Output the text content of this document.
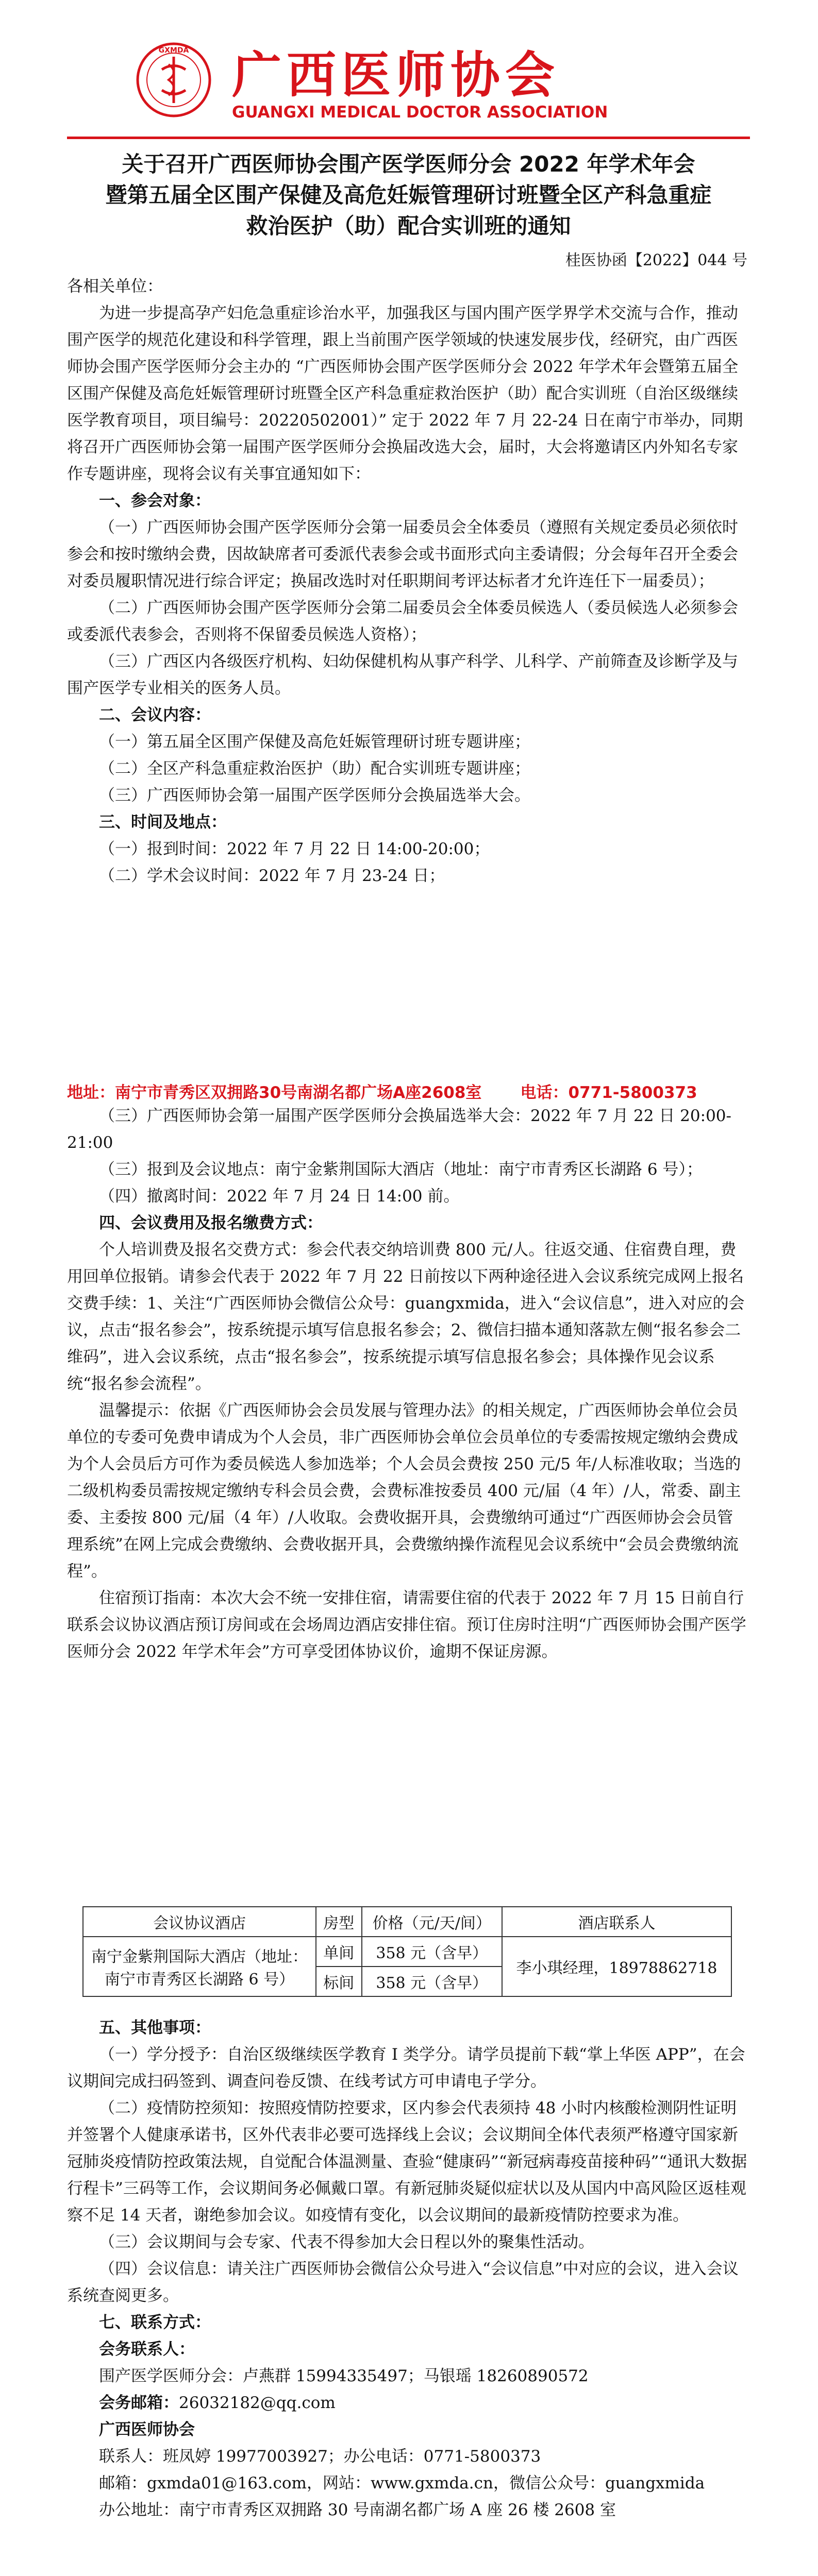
GXMDA 广西医师协会
GUANGXI MEDICAL DOCTOR ASSOCIATION
关于召开广西医师协会围产医学医师分会 2022 年学术年会
暨第五届全区围产保健及高危妊娠管理研讨班暨全区产科急重症
救治医护（助）配合实训班的通知
桂医协函【2022】044 号

各相关单位：

为进一步提高孕产妇危急重症诊治水平，加强我区与国内围产医学界学术交流与合作，推动围产医学的规范化建设和科学管理，跟上当前围产医学领域的快速发展步伐，经研究，由广西医师协会围产医学医师分会主办的 “广西医师协会围产医学医师分会 2022 年学术年会暨第五届全区围产保健及高危妊娠管理研讨班暨全区产科急重症救治医护（助）配合实训班（自治区级继续医学教育项目，项目编号：20220502001）” 定于 2022 年 7 月 22-24 日在南宁市举办，同期将召开广西医师协会第一届围产医学医师分会换届改选大会，届时，大会将邀请区内外知名专家作专题讲座，现将会议有关事宜通知如下：

一、参会对象：

（一）广西医师协会围产医学医师分会第一届委员会全体委员（遵照有关规定委员必须依时参会和按时缴纳会费，因故缺席者可委派代表参会或书面形式向主委请假；分会每年召开全委会对委员履职情况进行综合评定；换届改选时对任职期间考评达标者才允许连任下一届委员）；

（二）广西医师协会围产医学医师分会第二届委员会全体委员候选人（委员候选人必须参会或委派代表参会，否则将不保留委员候选人资格）；

（三）广西区内各级医疗机构、妇幼保健机构从事产科学、儿科学、产前筛查及诊断学及与围产医学专业相关的医务人员。

二、会议内容：

（一）第五届全区围产保健及高危妊娠管理研讨班专题讲座；

（二）全区产科急重症救治医护（助）配合实训班专题讲座；

（三）广西医师协会第一届围产医学医师分会换届选举大会。

三、时间及地点：

（一）报到时间：2022 年 7 月 22 日 14:00-20:00；

（二）学术会议时间：2022 年 7 月 23-24 日；

地址：南宁市青秀区双拥路30号南湖名都广场A座2608室 电话：0771-5800373

（三）广西医师协会第一届围产医学医师分会换届选举大会：2022 年 7 月 22 日 20:00-21:00

（三）报到及会议地点：南宁金紫荆国际大酒店（地址：南宁市青秀区长湖路 6 号）；

（四）撤离时间：2022 年 7 月 24 日 14:00 前。

四、会议费用及报名缴费方式：

个人培训费及报名交费方式：参会代表交纳培训费 800 元/人。往返交通、住宿费自理，费用回单位报销。请参会代表于 2022 年 7 月 22 日前按以下两种途径进入会议系统完成网上报名交费手续：1、关注“广西医师协会微信公众号：guangxmida，进入“会议信息”，进入对应的会议，点击“报名参会”，按系统提示填写信息报名参会；2、微信扫描本通知落款左侧“报名参会二维码”，进入会议系统，点击“报名参会”，按系统提示填写信息报名参会；具体操作见会议系统“报名参会流程”。

温馨提示：依据《广西医师协会会员发展与管理办法》的相关规定，广西医师协会单位会员单位的专委可免费申请成为个人会员，非广西医师协会单位会员单位的专委需按规定缴纳会费成为个人会员后方可作为委员候选人参加选举；个人会员会费按 250 元/5 年/人标准收取；当选的二级机构委员需按规定缴纳专科会员会费，会费标准按委员 400 元/届（4 年）/人，常委、副主委、主委按 800 元/届（4 年）/人收取。会费收据开具，会费缴纳可通过“广西医师协会会员管理系统”在网上完成会费缴纳、会费收据开具，会费缴纳操作流程见会议系统中“会员会费缴纳流程”。

住宿预订指南：本次大会不统一安排住宿，请需要住宿的代表于 2022 年 7 月 15 日前自行联系会议协议酒店预订房间或在会场周边酒店安排住宿。预订住房时注明“广西医师协会围产医学医师分会 2022 年学术年会”方可享受团体协议价，逾期不保证房源。

会议协议酒店	房型	价格（元/天/间）	酒店联系人
南宁金紫荆国际大酒店（地址：南宁市青秀区长湖路 6 号）	单间	358 元（含早）	李小琪经理，18978862718
	标间	358 元（含早）	

五、其他事项：

（一）学分授予：自治区级继续医学教育 I 类学分。请学员提前下载“掌上华医 APP”，在会议期间完成扫码签到、调查问卷反馈、在线考试方可申请电子学分。

（二）疫情防控须知：按照疫情防控要求，区内参会代表须持 48 小时内核酸检测阴性证明并签署个人健康承诺书，区外代表非必要可选择线上会议；会议期间全体代表须严格遵守国家新冠肺炎疫情防控政策法规，自觉配合体温测量、查验“健康码”“新冠病毒疫苗接种码”“通讯大数据行程卡”三码等工作，会议期间务必佩戴口罩。有新冠肺炎疑似症状以及从国内中高风险区返桂观察不足 14 天者，谢绝参加会议。如疫情有变化，以会议期间的最新疫情防控要求为准。

（三）会议期间与会专家、代表不得参加大会日程以外的聚集性活动。

（四）会议信息：请关注广西医师协会微信公众号进入“会议信息”中对应的会议，进入会议系统查阅更多。

七、联系方式：

会务联系人：

围产医学医师分会：卢燕群 15994335497；马银瑶 18260890572

会务邮箱：26032182@qq.com

广西医师协会

联系人：班凤婷 19977003927；办公电话：0771-5800373

邮箱：gxmda01@163.com，网站：www.gxmda.cn，微信公众号：guangxmida

办公地址：南宁市青秀区双拥路 30 号南湖名都广场 A 座 26 楼 2608 室
